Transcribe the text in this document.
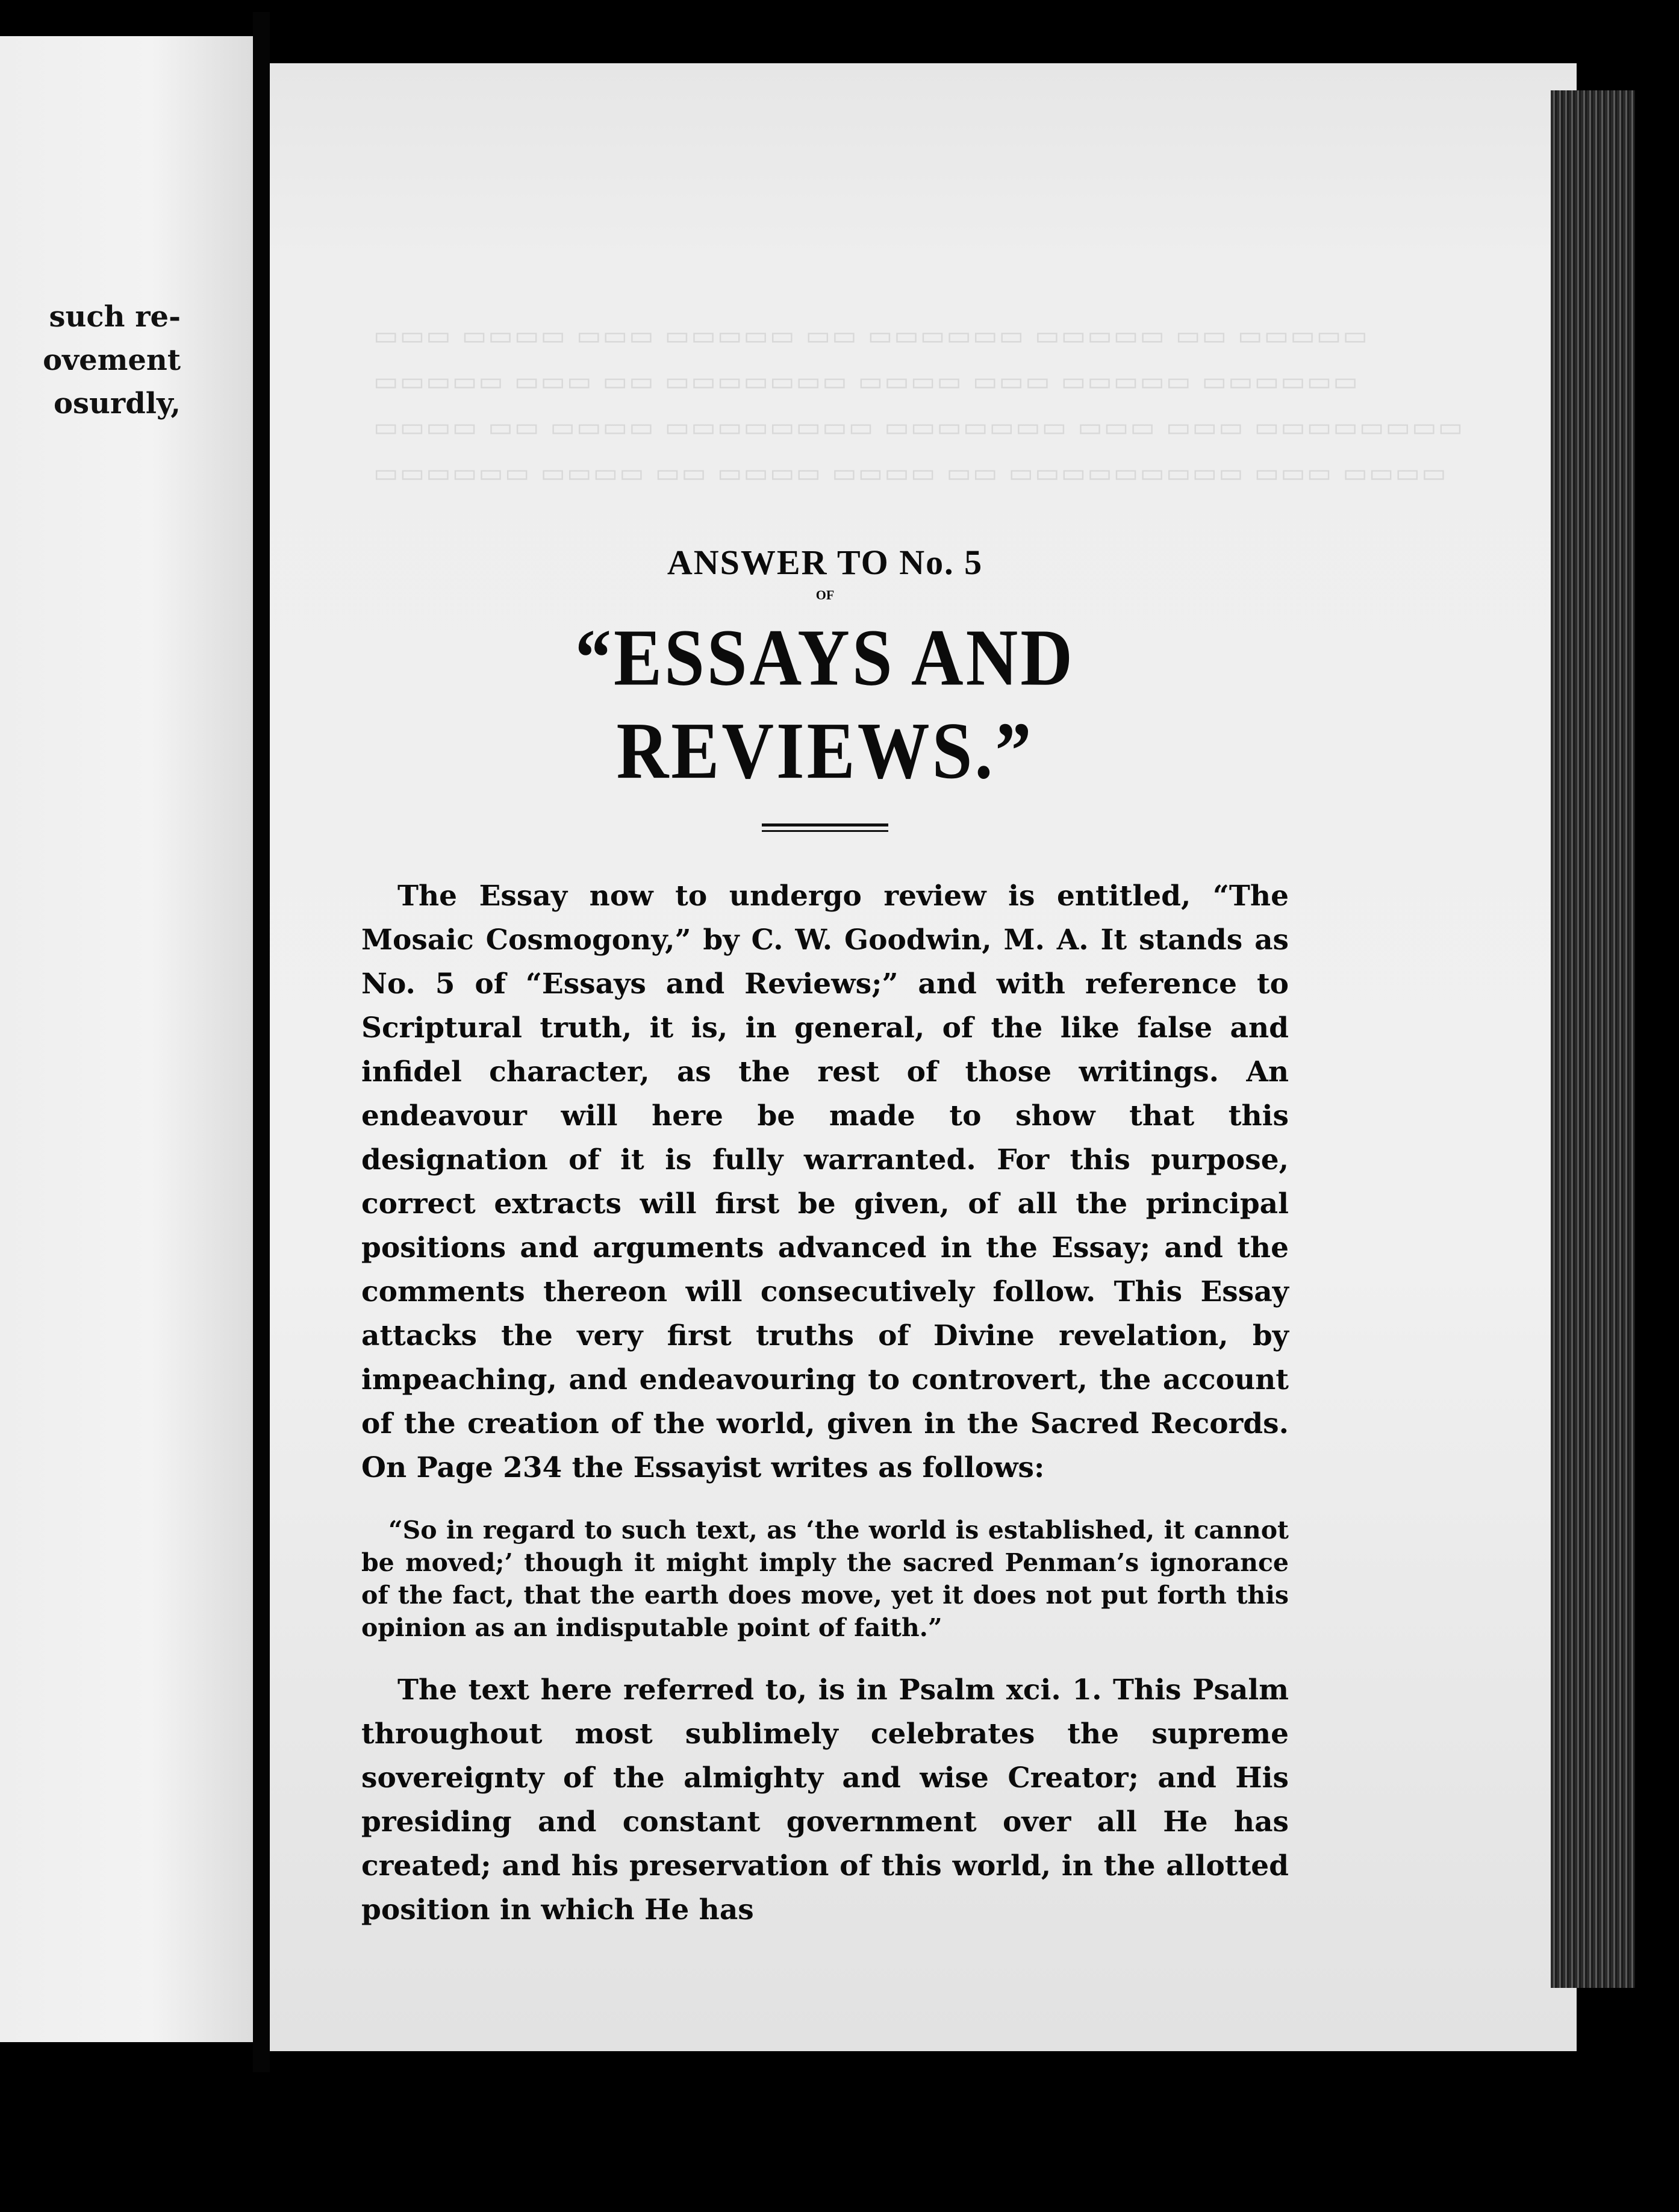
such re-
ovement
osurdly,
▭▭▭ ▭▭▭▭ ▭▭▭ ▭▭▭▭▭ ▭▭ ▭▭▭▭▭▭ ▭▭▭▭▭ ▭▭ ▭▭▭▭▭
▭▭▭▭▭ ▭▭▭ ▭▭ ▭▭▭▭▭▭▭ ▭▭▭▭ ▭▭▭ ▭▭▭▭▭ ▭▭▭▭▭▭
▭▭▭▭ ▭▭ ▭▭▭▭ ▭▭▭▭▭▭▭▭ ▭▭▭▭▭▭▭ ▭▭▭ ▭▭▭ ▭▭▭▭▭▭▭▭
▭▭▭▭▭▭ ▭▭▭▭ ▭▭ ▭▭▭▭ ▭▭▭▭ ▭▭ ▭▭▭▭▭▭▭▭▭ ▭▭▭ ▭▭▭▭

ANSWER TO No. 5

OF

“ESSAYS AND REVIEWS.”

The Essay now to undergo review is entitled, “The Mosaic Cosmogony,” by C. W. Goodwin, M. A. It stands as No. 5 of “Essays and Reviews;” and with reference to Scriptural truth, it is, in general, of the like false and infidel character, as the rest of those writings. An endeavour will here be made to show that this designation of it is fully warranted. For this purpose, correct extracts will first be given, of all the principal positions and arguments advanced in the Essay; and the comments thereon will consecutively follow. This Essay attacks the very first truths of Divine revelation, by impeaching, and endeavouring to controvert, the account of the creation of the world, given in the Sacred Records. On Page 234 the Essayist writes as follows:

“So in regard to such text, as ‘the world is established, it cannot be moved;’ though it might imply the sacred Penman’s ignorance of the fact, that the earth does move, yet it does not put forth this opinion as an indisputable point of faith.”

The text here referred to, is in Psalm xci. 1. This Psalm throughout most sublimely celebrates the supreme sovereignty of the almighty and wise Creator; and His presiding and constant government over all He has created; and his preservation of this world, in the allotted position in which He has
